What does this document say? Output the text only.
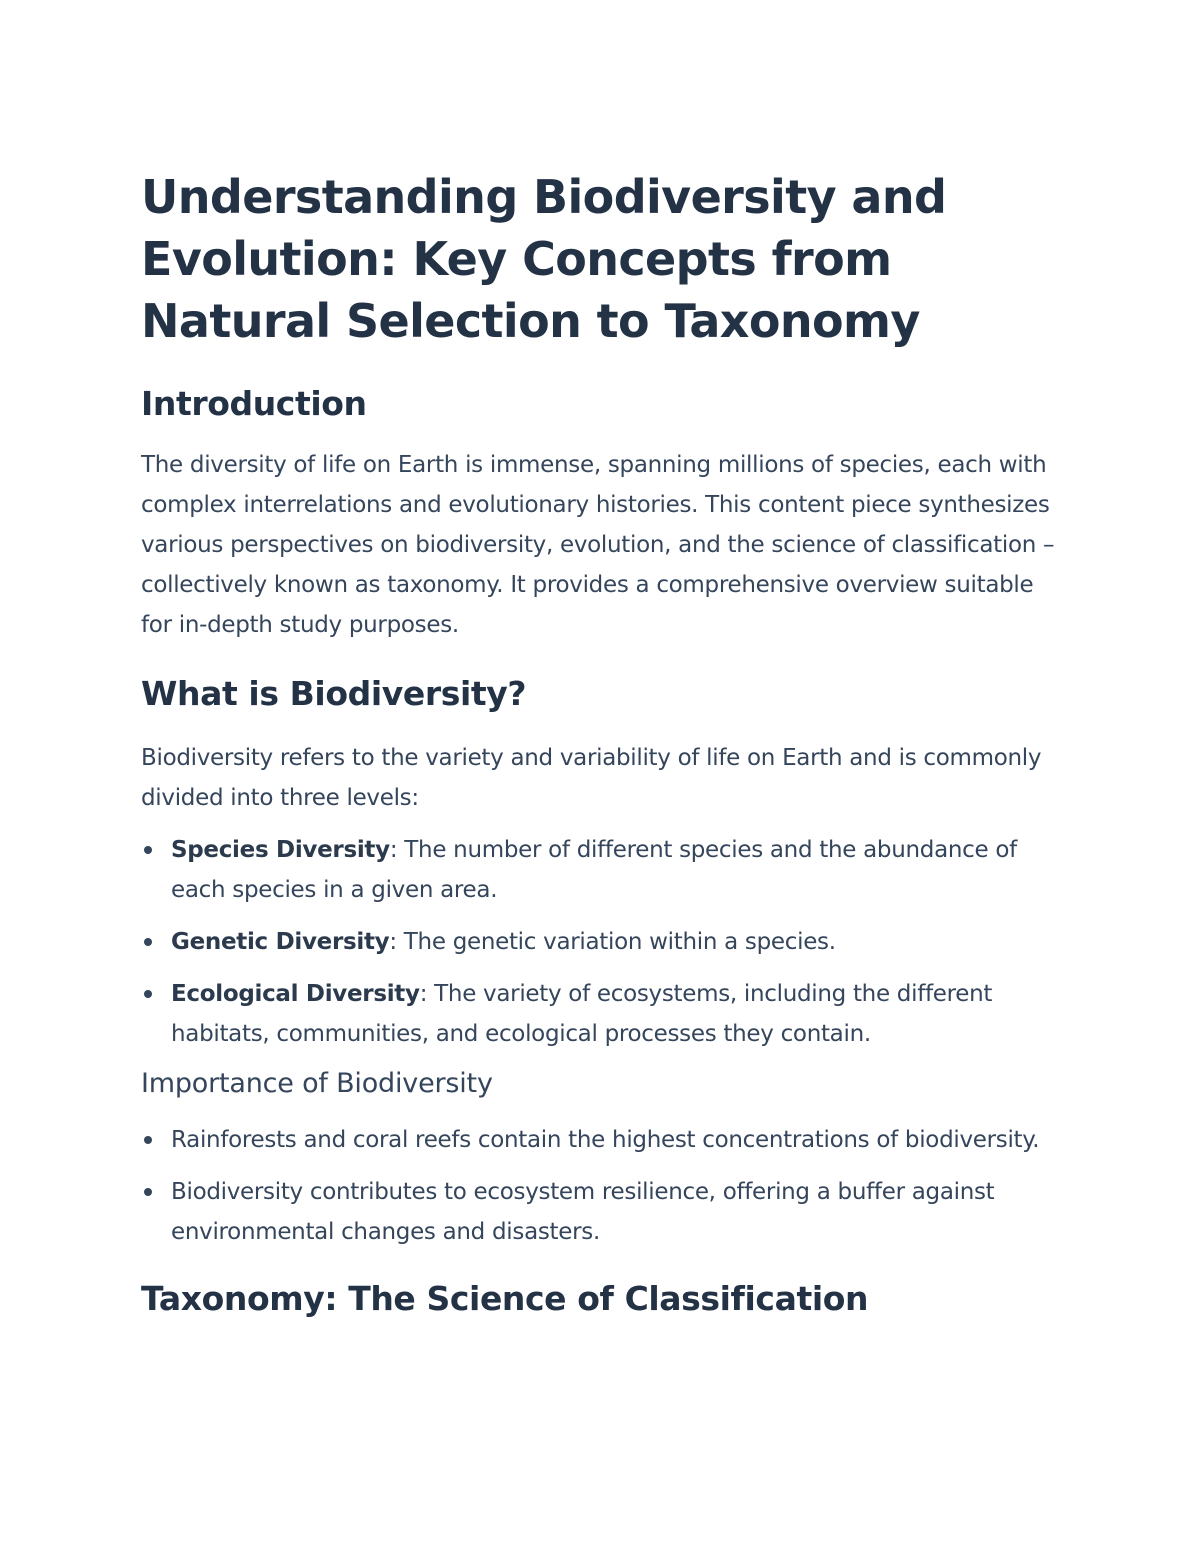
Understanding Biodiversity and Evolution: Key Concepts from Natural Selection to Taxonomy
Introduction

The diversity of life on Earth is immense, spanning millions of species, each with complex interrelations and evolutionary histories. This content piece synthesizes various perspectives on biodiversity, evolution, and the science of classification – collectively known as taxonomy. It provides a comprehensive overview suitable for in-depth study purposes.

What is Biodiversity?

Biodiversity refers to the variety and variability of life on Earth and is commonly divided into three levels:

Species Diversity: The number of different species and the abundance of each species in a given area.
Genetic Diversity: The genetic variation within a species.
Ecological Diversity: The variety of ecosystems, including the different habitats, communities, and ecological processes they contain.
Importance of Biodiversity
Rainforests and coral reefs contain the highest concentrations of biodiversity.
Biodiversity contributes to ecosystem resilience, offering a buffer against environmental changes and disasters.
Taxonomy: The Science of Classification
